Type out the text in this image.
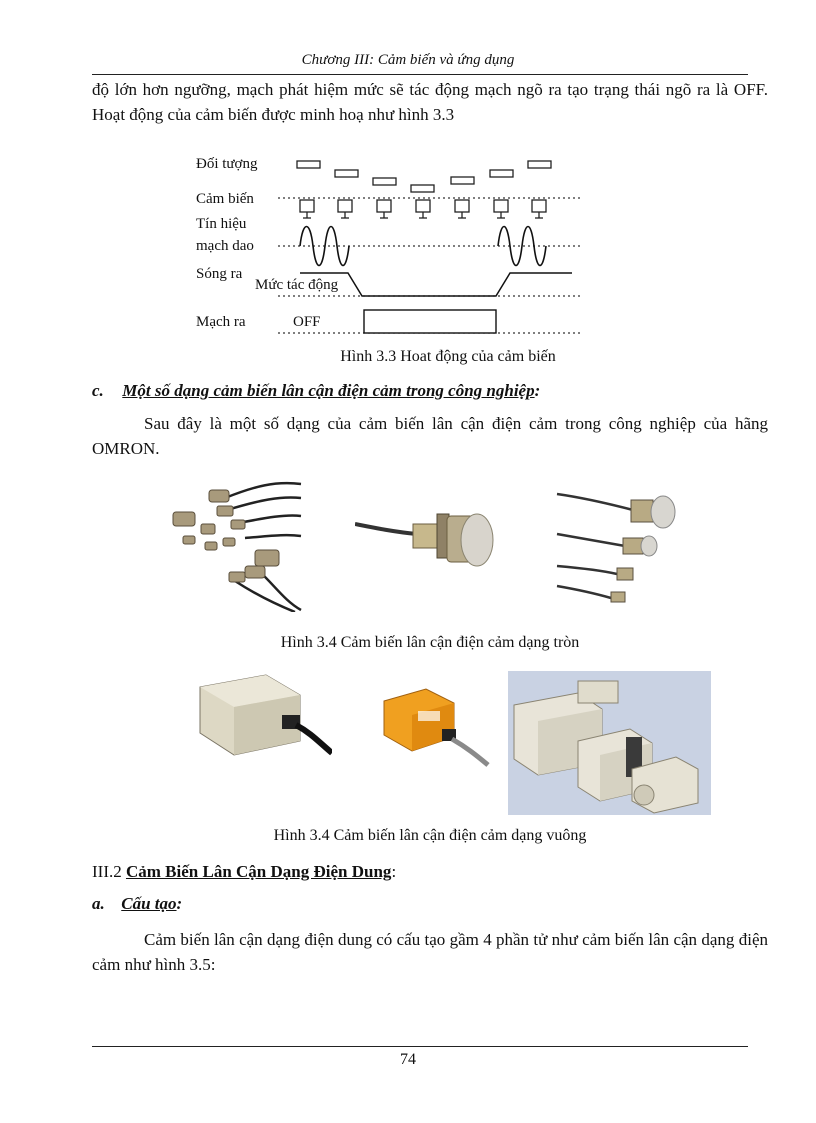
Chương III: Cảm biến và ứng dụng
độ lớn hơn ngưỡng, mạch phát hiệm mức sẽ tác động mạch ngõ ra tạo trạng thái ngõ ra là OFF. Hoạt động của cảm biến được minh hoạ như hình 3.3
Đối tượng
Cảm biến
Tín hiệu
mạch dao
Sóng ra
Mức tác động
Mạch ra	OFF
Hình 3.3 Hoat động của cảm biến
c. Một số dạng cảm biến lân cận điện cảm trong công nghiệp:
Sau đây là một số dạng của cảm biến lân cận điện cảm trong công nghiệp của hãng OMRON.
Hình 3.4 Cảm biến lân cận điện cảm dạng tròn
Hình 3.4 Cảm biến lân cận điện cảm dạng vuông
III.2 Cảm Biến Lân Cận Dạng Điện Dung:
a. Cấu tạo:
Cảm biến lân cận dạng điện dung có cấu tạo gầm 4 phần tử như cảm biến lân cận dạng điện cảm như hình 3.5:
74
